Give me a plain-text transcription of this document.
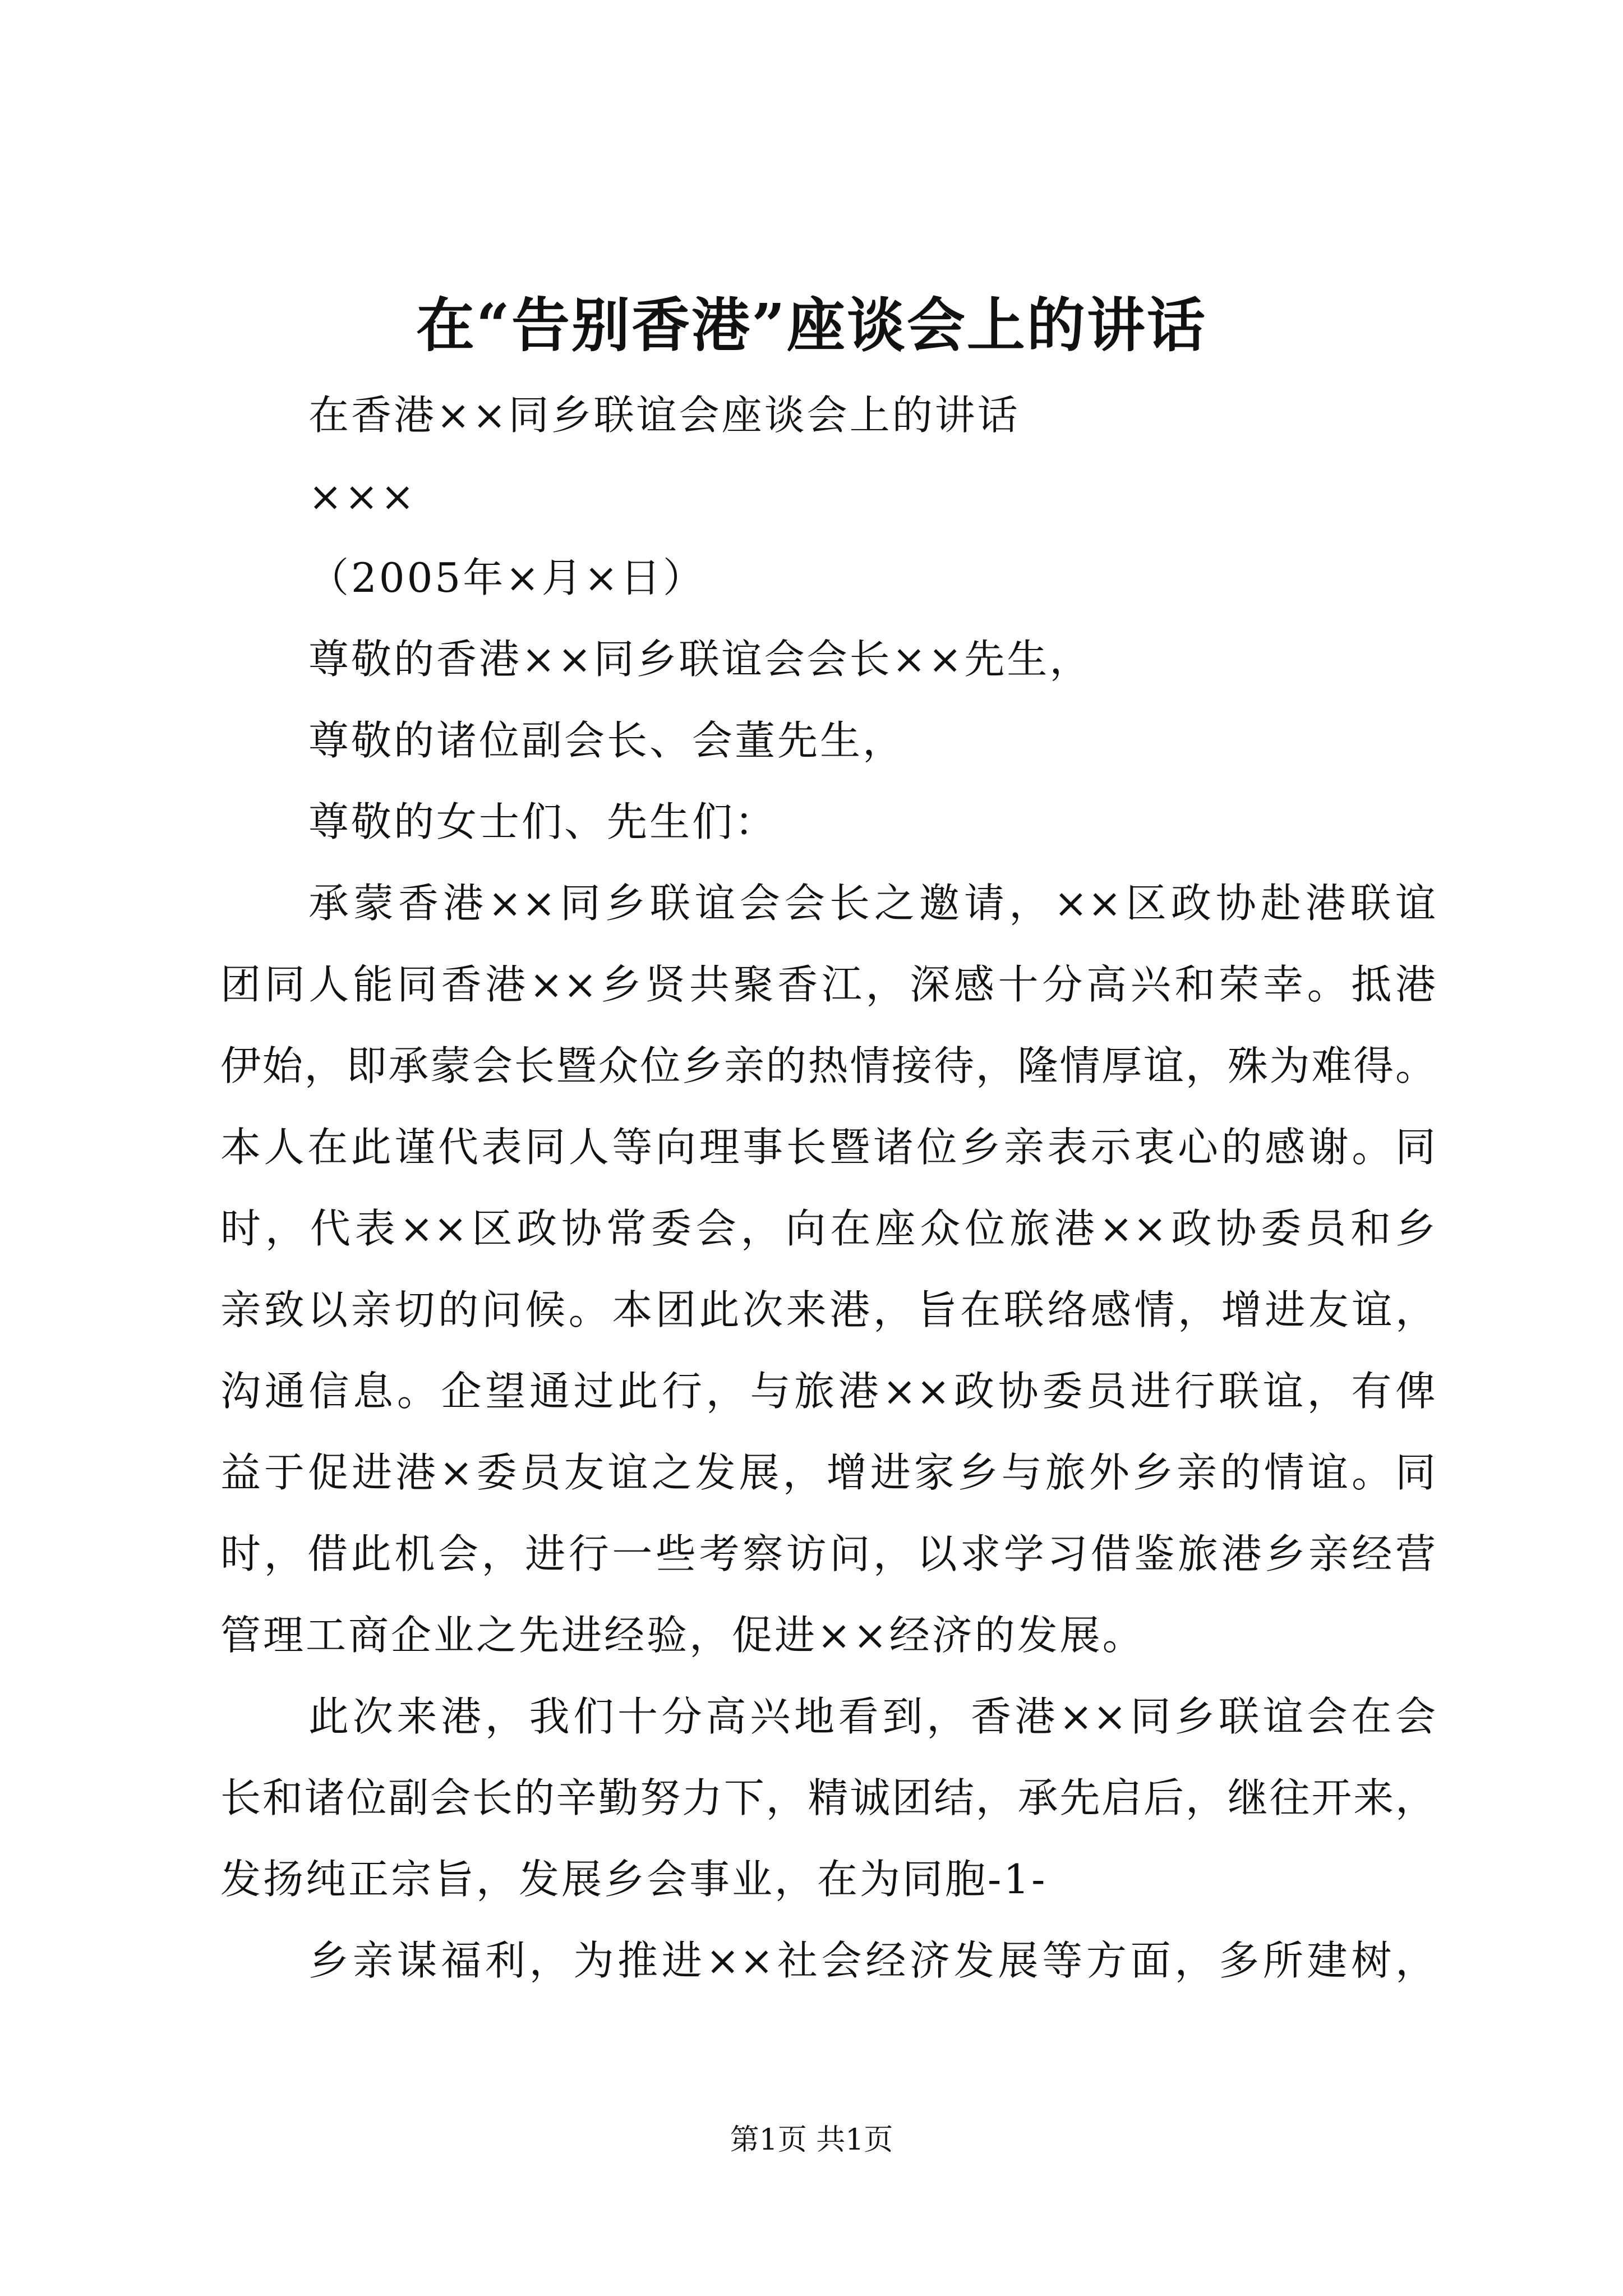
在“告别香港”座谈会上的讲话

在香港××同乡联谊会座谈会上的讲话

×××

（2005年×月×日）

尊敬的香港××同乡联谊会会长××先生，

尊敬的诸位副会长、会董先生，

尊敬的女士们、先生们：

承蒙香港××同乡联谊会会长之邀请，××区政协赴港联谊

团同人能同香港××乡贤共聚香江，深感十分高兴和荣幸。抵港

伊始，即承蒙会长暨众位乡亲的热情接待，隆情厚谊，殊为难得。

本人在此谨代表同人等向理事长暨诸位乡亲表示衷心的感谢。同

时，代表××区政协常委会，向在座众位旅港××政协委员和乡

亲致以亲切的问候。本团此次来港，旨在联络感情，增进友谊，

沟通信息。企望通过此行，与旅港××政协委员进行联谊，有俾

益于促进港×委员友谊之发展，增进家乡与旅外乡亲的情谊。同

时，借此机会，进行一些考察访问，以求学习借鉴旅港乡亲经营

管理工商企业之先进经验，促进××经济的发展。

此次来港，我们十分高兴地看到，香港××同乡联谊会在会

长和诸位副会长的辛勤努力下，精诚团结，承先启后，继往开来，

发扬纯正宗旨，发展乡会事业，在为同胞-1-

乡亲谋福利，为推进××社会经济发展等方面，多所建树，

第1页 共1页
